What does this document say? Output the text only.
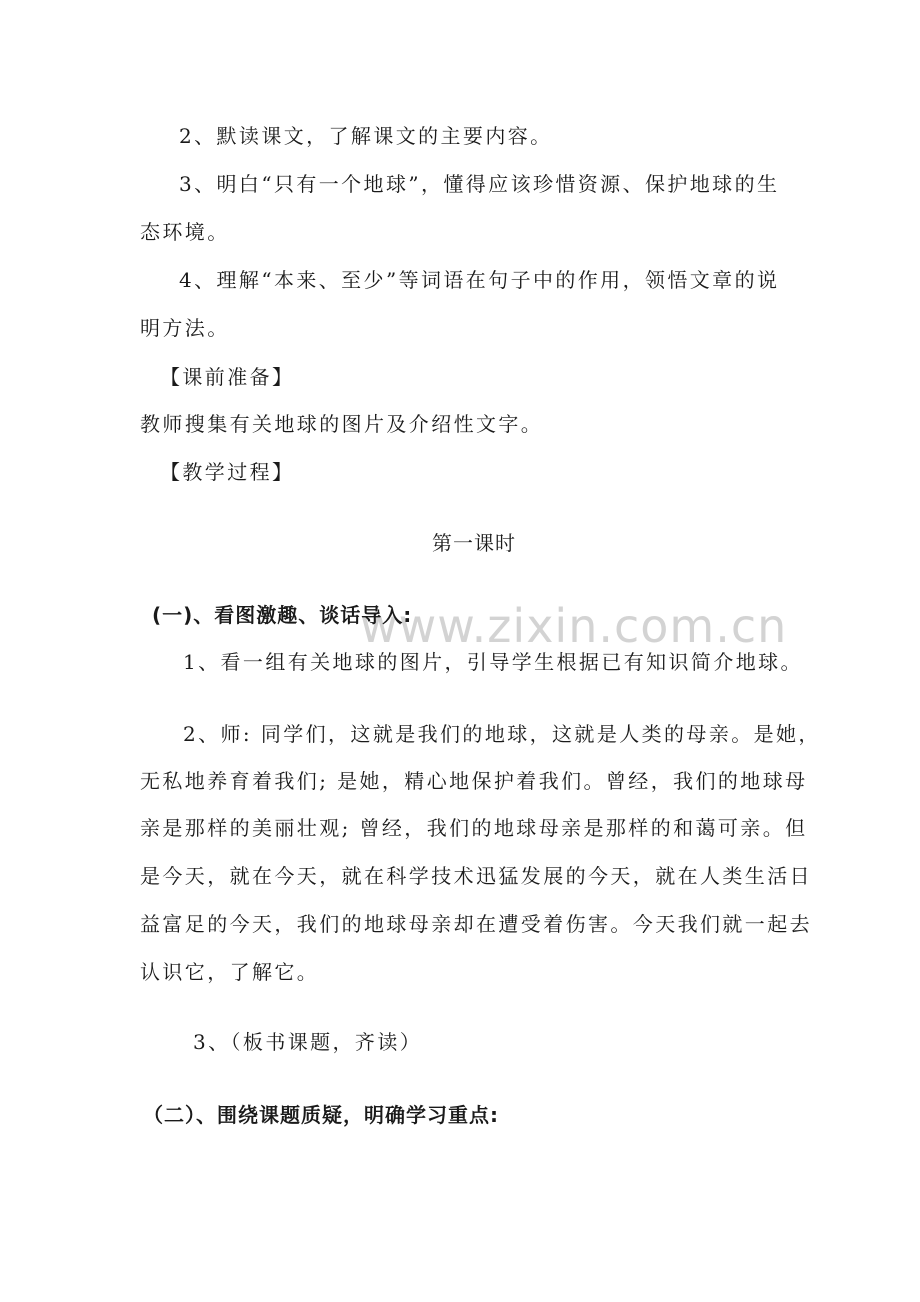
www.zixin.com.cn
2、默读课文，了解课文的主要内容。
3、明白“只有一个地球”，懂得应该珍惜资源、保护地球的生
态环境。
4、理解“本来、至少”等词语在句子中的作用，领悟文章的说
明方法。
【课前准备】
教师搜集有关地球的图片及介绍性文字。
【教学过程】
第一课时
(一)、看图激趣、谈话导入:
1、看一组有关地球的图片，引导学生根据已有知识简介地球。
2、师: 同学们，这就是我们的地球，这就是人类的母亲。是她，
无私地养育着我们; 是她，精心地保护着我们。曾经，我们的地球母
亲是那样的美丽壮观; 曾经，我们的地球母亲是那样的和蔼可亲。但
是今天，就在今天，就在科学技术迅猛发展的今天，就在人类生活日
益富足的今天，我们的地球母亲却在遭受着伤害。今天我们就一起去
认识它，了解它。
3、（板书课题，齐读）
（二）、围绕课题质疑，明确学习重点:
